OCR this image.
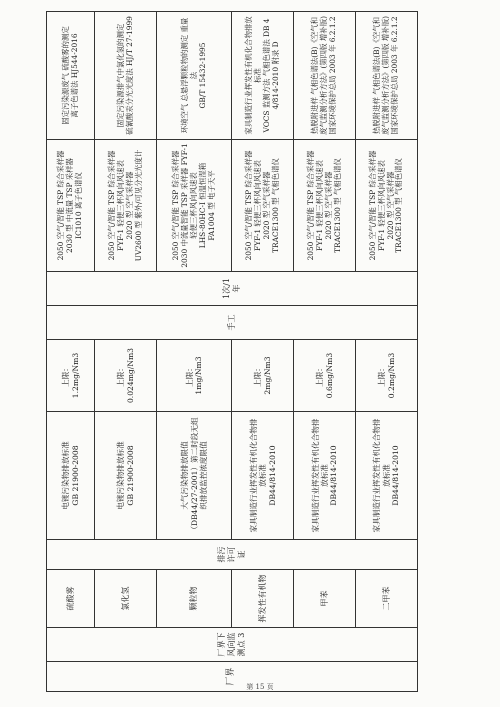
厂界	厂界下风向监测点 3	硫酸雾	排污许可证	电镀污染物排放标准
GB 21900-2008	上限：
1.2mg/Nm3	手工	1次/1年	2050 空气/智能 TSP 综合采样器
2030 型 中流量 TSP 采样器
IC1010 离子色谱仪	固定污染源废气 硫酸雾的测定
离子色谱法 HJ544-2016
		氯化氢		电镀污染物排放标准
GB 21900-2008	上限：
0.024mg/Nm3			2050 空气/智能 TSP 综合采样器
FYF-1 轻便三杯风向风速表
2020 型 空气采样器
UV2600 型 紫外/可见分光光度计	固定污染源排气中氯化氢的测定
硫氰酸汞分光光度法 HJ/T 27-1999
		颗粒物		大气污染物排放限值
（DB44/27-2001）第二时段无组织排放监控浓度限值	上限：
1mg/Nm3			2050 空气/智能 TSP 综合采样器
2030 中流量智能 TSP 采样器 FYF-1 轻便三杯风向风速表
LHS-80HC-I 恒温恒湿箱
FA1004 型 电子天平	环境空气 总悬浮颗粒物的测定 重量法
GB/T 15432-1995
		挥发性有机物		家具制造行业挥发性有机化合物排放标准
DB44/814-2010	上限：
2mg/Nm3			2050 空气/智能 TSP 综合采样器
FYF-1 轻便三杯风向风速表
2020 型 空气采样器
TRACE1300 型 气相色谱仪	家具制造行业挥发性有机化合物排放标准
VOCS 监测方法 气相色谱法 DB 44/814-2010 附录 D
		甲苯		家具制造行业挥发性有机化合物排放标准
DB44/814-2010	上限：
0.6mg/Nm3			2050 空气/智能 TSP 综合采样器
FYF-1 轻便三杯风向风速表
2020 型 空气采样器
TRACE1300 型 气相色谱仪	热脱附进样 气相色谱法(B)《空气和废气监测分析方法》(第四版 增补版) 国家环境保护总局 2003 年 6.2.1.2
		二甲苯		家具制造行业挥发性有机化合物排放标准
DB44/814-2010	上限：
0.2mg/Nm3			2050 空气/智能 TSP 综合采样器
FYF-1 轻便三杯风向风速表
2020 型 空气采样器
TRACE1300 型 气相色谱仪	热脱附进样 气相色谱法(B)《空气和废气监测分析方法》(第四版 增补版) 国家环境保护总局 2003 年 6.2.1.2
第 15 页
